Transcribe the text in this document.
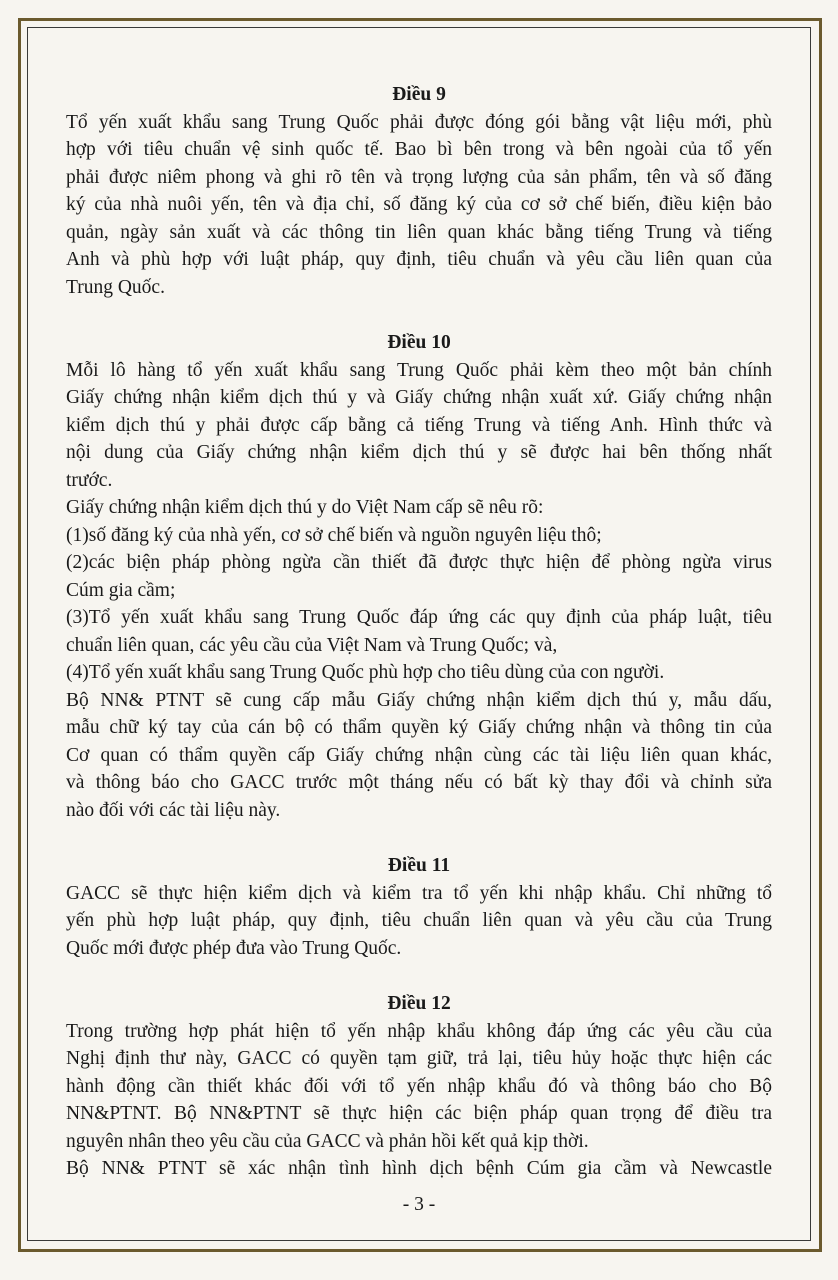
Điều 9
Tổ yến xuất khẩu sang Trung Quốc phải được đóng gói bằng vật liệu mới, phù
hợp với tiêu chuẩn vệ sinh quốc tế. Bao bì bên trong và bên ngoài của tổ yến
phải được niêm phong và ghi rõ tên và trọng lượng của sản phẩm, tên và số đăng
ký của nhà nuôi yến, tên và địa chỉ, số đăng ký của cơ sở chế biến, điều kiện bảo
quản, ngày sản xuất và các thông tin liên quan khác bằng tiếng Trung và tiếng
Anh và phù hợp với luật pháp, quy định, tiêu chuẩn và yêu cầu liên quan của
Trung Quốc.
Điều 10
Mỗi lô hàng tổ yến xuất khẩu sang Trung Quốc phải kèm theo một bản chính
Giấy chứng nhận kiểm dịch thú y và Giấy chứng nhận xuất xứ. Giấy chứng nhận
kiểm dịch thú y phải được cấp bằng cả tiếng Trung và tiếng Anh. Hình thức và
nội dung của Giấy chứng nhận kiểm dịch thú y sẽ được hai bên thống nhất
trước.
Giấy chứng nhận kiểm dịch thú y do Việt Nam cấp sẽ nêu rõ:
(1)số đăng ký của nhà yến, cơ sở chế biến và nguồn nguyên liệu thô;
(2)các biện pháp phòng ngừa cần thiết đã được thực hiện để phòng ngừa virus
Cúm gia cầm;
(3)Tổ yến xuất khẩu sang Trung Quốc đáp ứng các quy định của pháp luật, tiêu
chuẩn liên quan, các yêu cầu của Việt Nam và Trung Quốc; và,
(4)Tổ yến xuất khẩu sang Trung Quốc phù hợp cho tiêu dùng của con người.
Bộ NN& PTNT sẽ cung cấp mẫu Giấy chứng nhận kiểm dịch thú y, mẫu dấu,
mẫu chữ ký tay của cán bộ có thẩm quyền ký Giấy chứng nhận và thông tin của
Cơ quan có thẩm quyền cấp Giấy chứng nhận cùng các tài liệu liên quan khác,
và thông báo cho GACC trước một tháng nếu có bất kỳ thay đổi và chỉnh sửa
nào đối với các tài liệu này.
Điều 11
GACC sẽ thực hiện kiểm dịch và kiểm tra tổ yến khi nhập khẩu. Chỉ những tổ
yến phù hợp luật pháp, quy định, tiêu chuẩn liên quan và yêu cầu của Trung
Quốc mới được phép đưa vào Trung Quốc.
Điều 12
Trong trường hợp phát hiện tổ yến nhập khẩu không đáp ứng các yêu cầu của
Nghị định thư này, GACC có quyền tạm giữ, trả lại, tiêu hủy hoặc thực hiện các
hành động cần thiết khác đối với tổ yến nhập khẩu đó và thông báo cho Bộ
NN&PTNT. Bộ NN&PTNT sẽ thực hiện các biện pháp quan trọng để điều tra
nguyên nhân theo yêu cầu của GACC và phản hồi kết quả kịp thời.
Bộ NN& PTNT sẽ xác nhận tình hình dịch bệnh Cúm gia cầm và Newcastle
- 3 -
